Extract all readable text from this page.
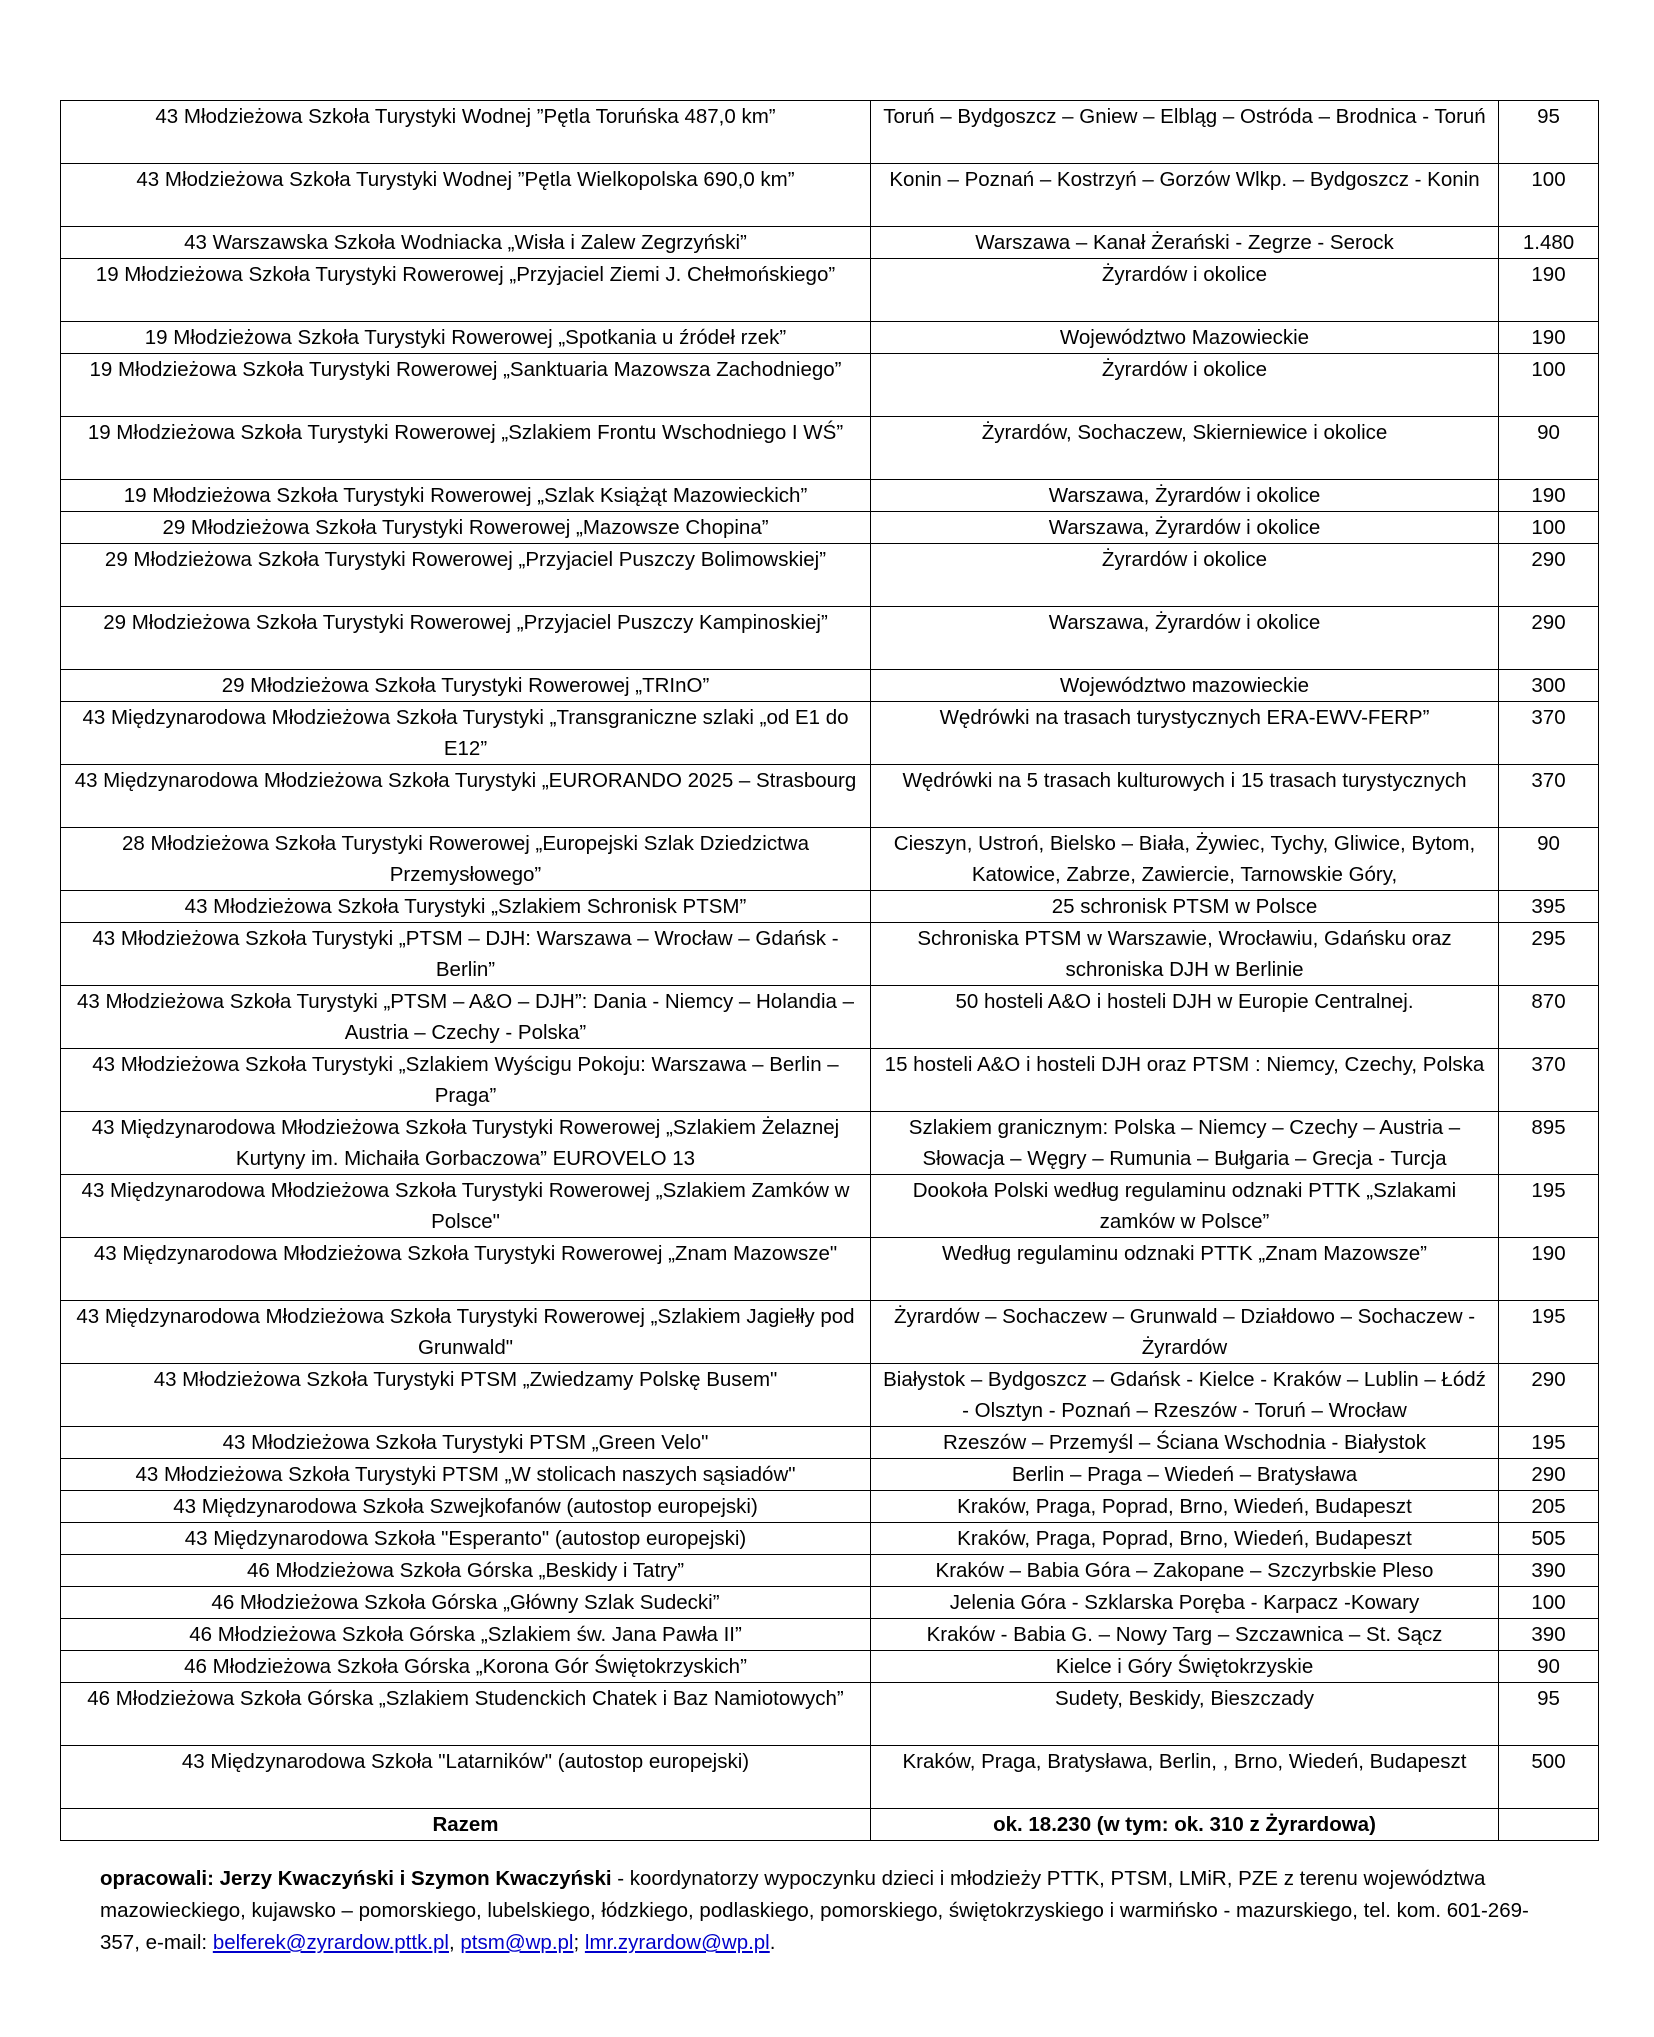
43 Młodzieżowa Szkoła Turystyki Wodnej ”Pętla Toruńska 487,0 km”	Toruń – Bydgoszcz – Gniew – Elbląg – Ostróda – Brodnica - Toruń	95
43 Młodzieżowa Szkoła Turystyki Wodnej ”Pętla Wielkopolska 690,0 km”	Konin – Poznań – Kostrzyń – Gorzów Wlkp. – Bydgoszcz - Konin	100
43 Warszawska Szkoła Wodniacka „Wisła i Zalew Zegrzyński”	Warszawa – Kanał Żerański - Zegrze - Serock	1.480
19 Młodzieżowa Szkoła Turystyki Rowerowej „Przyjaciel Ziemi J. Chełmońskiego”	Żyrardów i okolice	190
19 Młodzieżowa Szkoła Turystyki Rowerowej „Spotkania u źródeł rzek”	Województwo Mazowieckie	190
19 Młodzieżowa Szkoła Turystyki Rowerowej „Sanktuaria Mazowsza Zachodniego”	Żyrardów i okolice	100
19 Młodzieżowa Szkoła Turystyki Rowerowej „Szlakiem Frontu Wschodniego I WŚ”	Żyrardów, Sochaczew, Skierniewice i okolice	90
19 Młodzieżowa Szkoła Turystyki Rowerowej „Szlak Książąt Mazowieckich”	Warszawa, Żyrardów i okolice	190
29 Młodzieżowa Szkoła Turystyki Rowerowej „Mazowsze Chopina”	Warszawa, Żyrardów i okolice	100
29 Młodzieżowa Szkoła Turystyki Rowerowej „Przyjaciel Puszczy Bolimowskiej”	Żyrardów i okolice	290
29 Młodzieżowa Szkoła Turystyki Rowerowej „Przyjaciel Puszczy Kampinoskiej”	Warszawa, Żyrardów i okolice	290
29 Młodzieżowa Szkoła Turystyki Rowerowej „TRInO”	Województwo mazowieckie	300
43 Międzynarodowa Młodzieżowa Szkoła Turystyki „Transgraniczne szlaki „od E1 do E12”	Wędrówki na trasach turystycznych ERA-EWV-FERP”	370
43 Międzynarodowa Młodzieżowa Szkoła Turystyki „EURORANDO 2025 – Strasbourg	Wędrówki na 5 trasach kulturowych i 15 trasach turystycznych	370
28 Młodzieżowa Szkoła Turystyki Rowerowej „Europejski Szlak Dziedzictwa Przemysłowego”	Cieszyn, Ustroń, Bielsko – Biała, Żywiec, Tychy, Gliwice, Bytom, Katowice, Zabrze, Zawiercie, Tarnowskie Góry,	90
43 Młodzieżowa Szkoła Turystyki „Szlakiem Schronisk PTSM”	25 schronisk PTSM w Polsce	395
43 Młodzieżowa Szkoła Turystyki „PTSM – DJH: Warszawa – Wrocław – Gdańsk - Berlin”	Schroniska PTSM w Warszawie, Wrocławiu, Gdańsku oraz schroniska DJH w Berlinie	295
43 Młodzieżowa Szkoła Turystyki „PTSM – A&O – DJH”: Dania - Niemcy – Holandia – Austria – Czechy - Polska”	50 hosteli A&O i hosteli DJH w Europie Centralnej.	870
43 Młodzieżowa Szkoła Turystyki „Szlakiem Wyścigu Pokoju: Warszawa – Berlin – Praga”	15 hosteli A&O i hosteli DJH oraz PTSM : Niemcy, Czechy, Polska	370
43 Międzynarodowa Młodzieżowa Szkoła Turystyki Rowerowej „Szlakiem Żelaznej Kurtyny im. Michaiła Gorbaczowa” EUROVELO 13	Szlakiem granicznym: Polska – Niemcy – Czechy – Austria – Słowacja – Węgry – Rumunia – Bułgaria – Grecja - Turcja	895
43 Międzynarodowa Młodzieżowa Szkoła Turystyki Rowerowej „Szlakiem Zamków w Polsce"	Dookoła Polski według regulaminu odznaki PTTK „Szlakami zamków w Polsce”	195
43 Międzynarodowa Młodzieżowa Szkoła Turystyki Rowerowej „Znam Mazowsze"	Według regulaminu odznaki PTTK „Znam Mazowsze”	190
43 Międzynarodowa Młodzieżowa Szkoła Turystyki Rowerowej „Szlakiem Jagiełły pod Grunwald"	Żyrardów – Sochaczew – Grunwald – Działdowo – Sochaczew - Żyrardów	195
43 Młodzieżowa Szkoła Turystyki PTSM „Zwiedzamy Polskę Busem"	Białystok – Bydgoszcz – Gdańsk - Kielce - Kraków – Lublin – Łódź - Olsztyn - Poznań – Rzeszów - Toruń – Wrocław	290
43 Młodzieżowa Szkoła Turystyki PTSM „Green Velo"	Rzeszów – Przemyśl – Ściana Wschodnia - Białystok	195
43 Młodzieżowa Szkoła Turystyki PTSM „W stolicach naszych sąsiadów"	Berlin – Praga – Wiedeń – Bratysława	290
43 Międzynarodowa Szkoła Szwejkofanów (autostop europejski)	Kraków, Praga, Poprad, Brno, Wiedeń, Budapeszt	205
43 Międzynarodowa Szkoła "Esperanto" (autostop europejski)	Kraków, Praga, Poprad, Brno, Wiedeń, Budapeszt	505
46 Młodzieżowa Szkoła Górska „Beskidy i Tatry”	Kraków – Babia Góra – Zakopane – Szczyrbskie Pleso	390
46 Młodzieżowa Szkoła Górska „Główny Szlak Sudecki”	Jelenia Góra - Szklarska Poręba - Karpacz -Kowary	100
46 Młodzieżowa Szkoła Górska „Szlakiem św. Jana Pawła II”	Kraków - Babia G. – Nowy Targ – Szczawnica – St. Sącz	390
46 Młodzieżowa Szkoła Górska „Korona Gór Świętokrzyskich”	Kielce i Góry Świętokrzyskie	90
46 Młodzieżowa Szkoła Górska „Szlakiem Studenckich Chatek i Baz Namiotowych”	Sudety, Beskidy, Bieszczady	95
43 Międzynarodowa Szkoła "Latarników" (autostop europejski)	Kraków, Praga, Bratysława, Berlin, , Brno, Wiedeń, Budapeszt	500
Razem	ok. 18.230 (w tym: ok. 310 z Żyrardowa)	
opracowali: Jerzy Kwaczyński i Szymon Kwaczyński - koordynatorzy wypoczynku dzieci i młodzieży PTTK, PTSM, LMiR, PZE z terenu województwa mazowieckiego, kujawsko – pomorskiego, lubelskiego, łódzkiego, podlaskiego, pomorskiego, świętokrzyskiego i warmińsko - mazurskiego, tel. kom. 601-269-357, e-mail: belferek@zyrardow.pttk.pl, ptsm@wp.pl; lmr.zyrardow@wp.pl.
